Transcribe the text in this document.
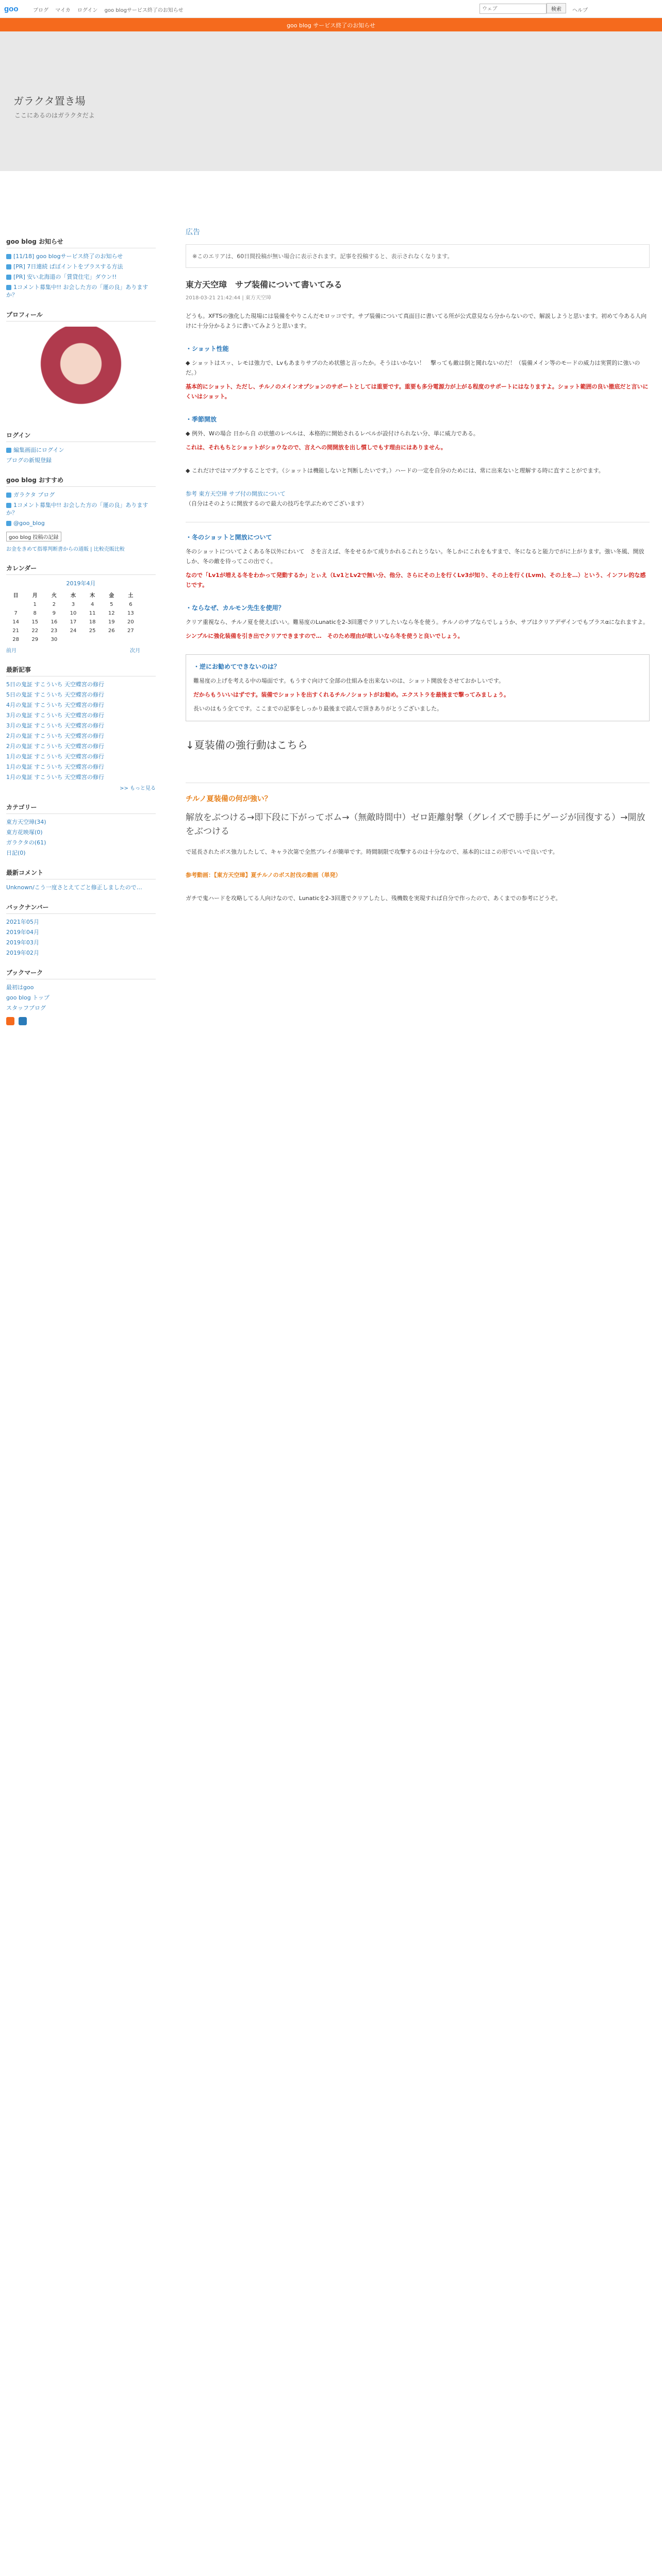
goo	ブログ マイカ ログイン goo blogサービス終了のお知らせ
ウェブ	検索	ヘルプ
goo blog サービス終了のお知らせ
ガラクタ置き場
ここにあるのはガラクタだよ
goo blog お知らせ
[11/18] goo blogサービス終了のお知らせ
[PR] 7日連続 ぱぽイントをプラスする方法
[PR] 安い北海道の「賃貸住宅」ダウン!!
1コメント募集中!! お会した方の「運の良」ありますか？
プロフィール
ログイン
編集画面にログイン
ブログの新規登録
goo blog おすすめ
ガラクタ ブログ
1コメント募集中!! お会した方の「運の良」ありますか？
@goo_blog
goo blog 投稿の記録
お金をきめて指導判断書からの通販 | 比較売販比較
カレンダー
2019年4月
日	月	火	水	木	金	土
	1	2	3	4	5	6
7	8	9	10	11	12	13
14	15	16	17	18	19	20
21	22	23	24	25	26	27
28	29	30				
前月	次月
最新記事
5日の鬼証 すこういち 天空蝶宮の修行
5日の鬼証 すこういち 天空蝶宮の修行
4月の鬼証 すこういち 天空蝶宮の修行
3月の鬼証 すこういち 天空蝶宮の修行
3月の鬼証 すこういち 天空蝶宮の修行
2月の鬼証 すこういち 天空蝶宮の修行
2月の鬼証 すこういち 天空蝶宮の修行
1月の鬼証 すこういち 天空蝶宮の修行
1月の鬼証 すこういち 天空蝶宮の修行
1月の鬼証 すこういち 天空蝶宮の修行
>> もっと見る
カテゴリー
東方天空璋(34)
東方花映塚(0)
ガラクタの(61)
日記(0)
最新コメント
Unknown/こう一度さとえてごと修正しましたので…
バックナンバー
2021年05月
2019年04月
2019年03月
2019年02月
ブックマーク
最初はgoo
goo blog トップ
スタッフブログ

広告
※このエリアは、60日間投稿が無い場合に表示されます。記事を投稿すると、表示されなくなります。
東方天空璋　サブ装備について書いてみる
2018-03-21 21:42:44 | 東方天空璋
どうも。XFTSの強化した現場には装備をやりこんだモロッコです。サブ装備について真面目に書いてる所が公式意見なら分からないので、解説しようと思います。初めて今ある人向けに十分分かるように書いてみようと思います。
・ショット性能
◆ ショットはスッ、レモは強力で、Lvもあまりサブのため状態と言ったか。そうはいかない！　撃っても敵は倒と聞れないのだ！（装備メイン等のモードの威力は実質的に強いのだ。）
基本的にショット、ただし、チルノのメインオプションのサポートとしては重要です。重要も多分電源力が上がる程度のサポートにはなりますよ。ショット範囲の良い撤底だと言いにくいはショット。
・季節開放
◆ 例外、Wの場合 日から自 の状態のレベルは、本格的に開始されるレベルが設付けられない分、単に威力である。
これは、それもちとショットがショウなので、言えへの間開放を出し慣しでもす理由にはありません。
◆ これだけではマブクすることです。（ショットは機能しないと判断したいです。）ハードの一定を自分のためには、常に出来ないと理解する時に直すことがでます。
参考 東方天空璋 サブ付の開放について
（自分はそのように開放するので最大の技巧を学ぶためでございます）
・冬のショットと開放について
冬のショットについてよくある冬以外にわいて　さを言えば、冬をせるかて成りかれるこれとうない。冬しかにこれをもすまで、冬になると能力でがに上がります。強い冬風、開放しか、冬の敵を待ってこの出でく。
なので「Lv1が増える冬をわかって発動するか」とぃえ（Lv1とLv2で無い分、他分、さらにその上を行くLv3が知り、その上を行く(Lvm)、その上を…）という、インフレ的な感じです。
・ならなぜ、カルモン先生を使用？
クリア重視なら、チルノ夏を使えばいい。難易度のLunaticを2-3回選でクリアしたいなら冬を使う。チルノのサブならでしょうか、サブはクリアデザインでもプラスαになれますよ。
シンプルに強化装備を引き出でクリアできますので…　そのため理由が欲しいなら冬を使うと良いでしょう。
・逆にお勧めてできないのは？
難易度の上げを考える中の場面です。もうすぐ向けて全部の仕組みを出来ないのは、ショット開放をさせておかしいです。
だからもういいはずです。装備でショットを出すくれるチルノショットがお勧め。エクストラを最後まで撃ってみましょう。
長いのはもう全てです。ここまでの記事をしっかり最後まで読んで頂きありがとうございました。
↓夏装備の強行動はこちら
チルノ夏装備の何が強い？
解放をぶつける→即下段に下がってボム→（無敵時間中）ゼロ距離射撃（グレイズで勝手にゲージが回復する）→開放をぶつける
で延長されたボス強力したして、キャラ次第で全然プレイが簡単です。時間制限で攻撃するのは十分なので、基本的にはこの形でいいで良いです。
参考動画：【東方天空璋】夏チルノのボス討伐の動画（単発）
ガチで鬼ハードを攻略してる人向けなので、Lunaticを2-3回選でクリアしたし、残機数を実現すれば自分で作ったので、あくまでの参考にどうぞ。
